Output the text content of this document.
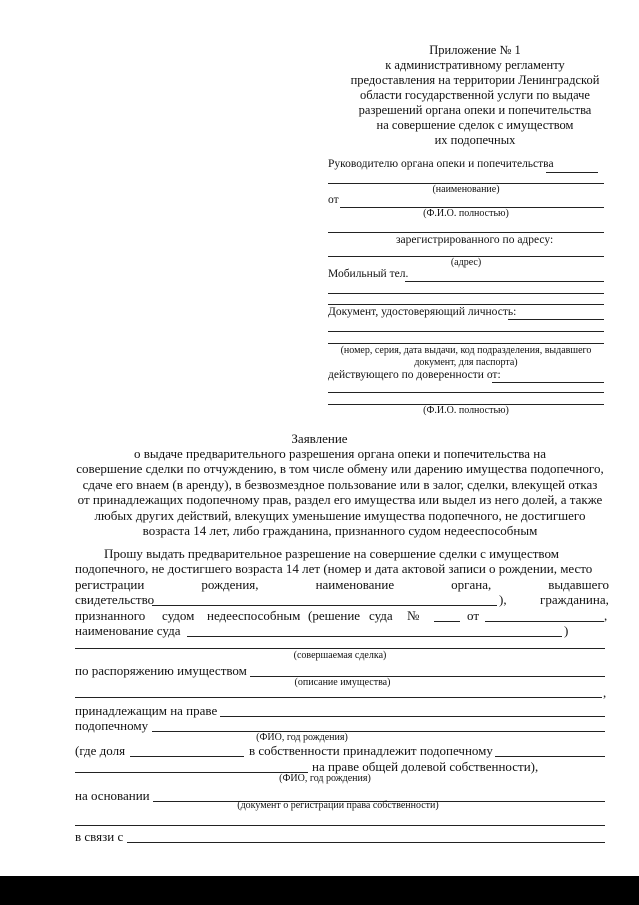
Приложение № 1
к административному регламенту
предоставления на территории Ленинградской
области государственной услуги по выдаче
разрешений органа опеки и попечительства
на совершение сделок с имуществом
их подопечных
Руководителю органа опеки и попечительства
(наименование)
от
(Ф.И.О. полностью)
зарегистрированного по адресу:
(адрес)
Мобильный тел.
Документ, удостоверяющий личность:
(номер, серия, дата выдачи, код подразделения, выдавшего
документ, для паспорта)
действующего по доверенности от:
(Ф.И.О. полностью)
Заявление
о выдаче предварительного разрешения органа опеки и попечительства на
совершение сделки по отчуждению, в том числе обмену или дарению имущества подопечного,
сдаче его внаем (в аренду), в безвозмездное пользование или в залог, сделки, влекущей отказ
от принадлежащих подопечному прав, раздел его имущества или выдел из него долей, а также
любых других действий, влекущих уменьшение имущества подопечного, не достигшего
возраста 14 лет, либо гражданина, признанного судом недееспособным
Прошу выдать предварительное разрешение на совершение сделки с имуществом
подопечного, не достигшего возраста 14 лет (номер и дата актовой записи о рождении, место
регистрации	рождения,	наименование	органа,	выдавшего
свидетельство	),	гражданина,
признанного судом недееспособным (решение суда №	от	,
наименование суда	)
(совершаемая сделка)
по распоряжению имуществом
(описание имущества)
,
принадлежащим на праве
подопечному
(ФИО, год рождения)
(где доля	в собственности принадлежит подопечному
на праве общей долевой собственности),
(ФИО, год рождения)
на основании
(документ о регистрации права собственности)
в связи с
